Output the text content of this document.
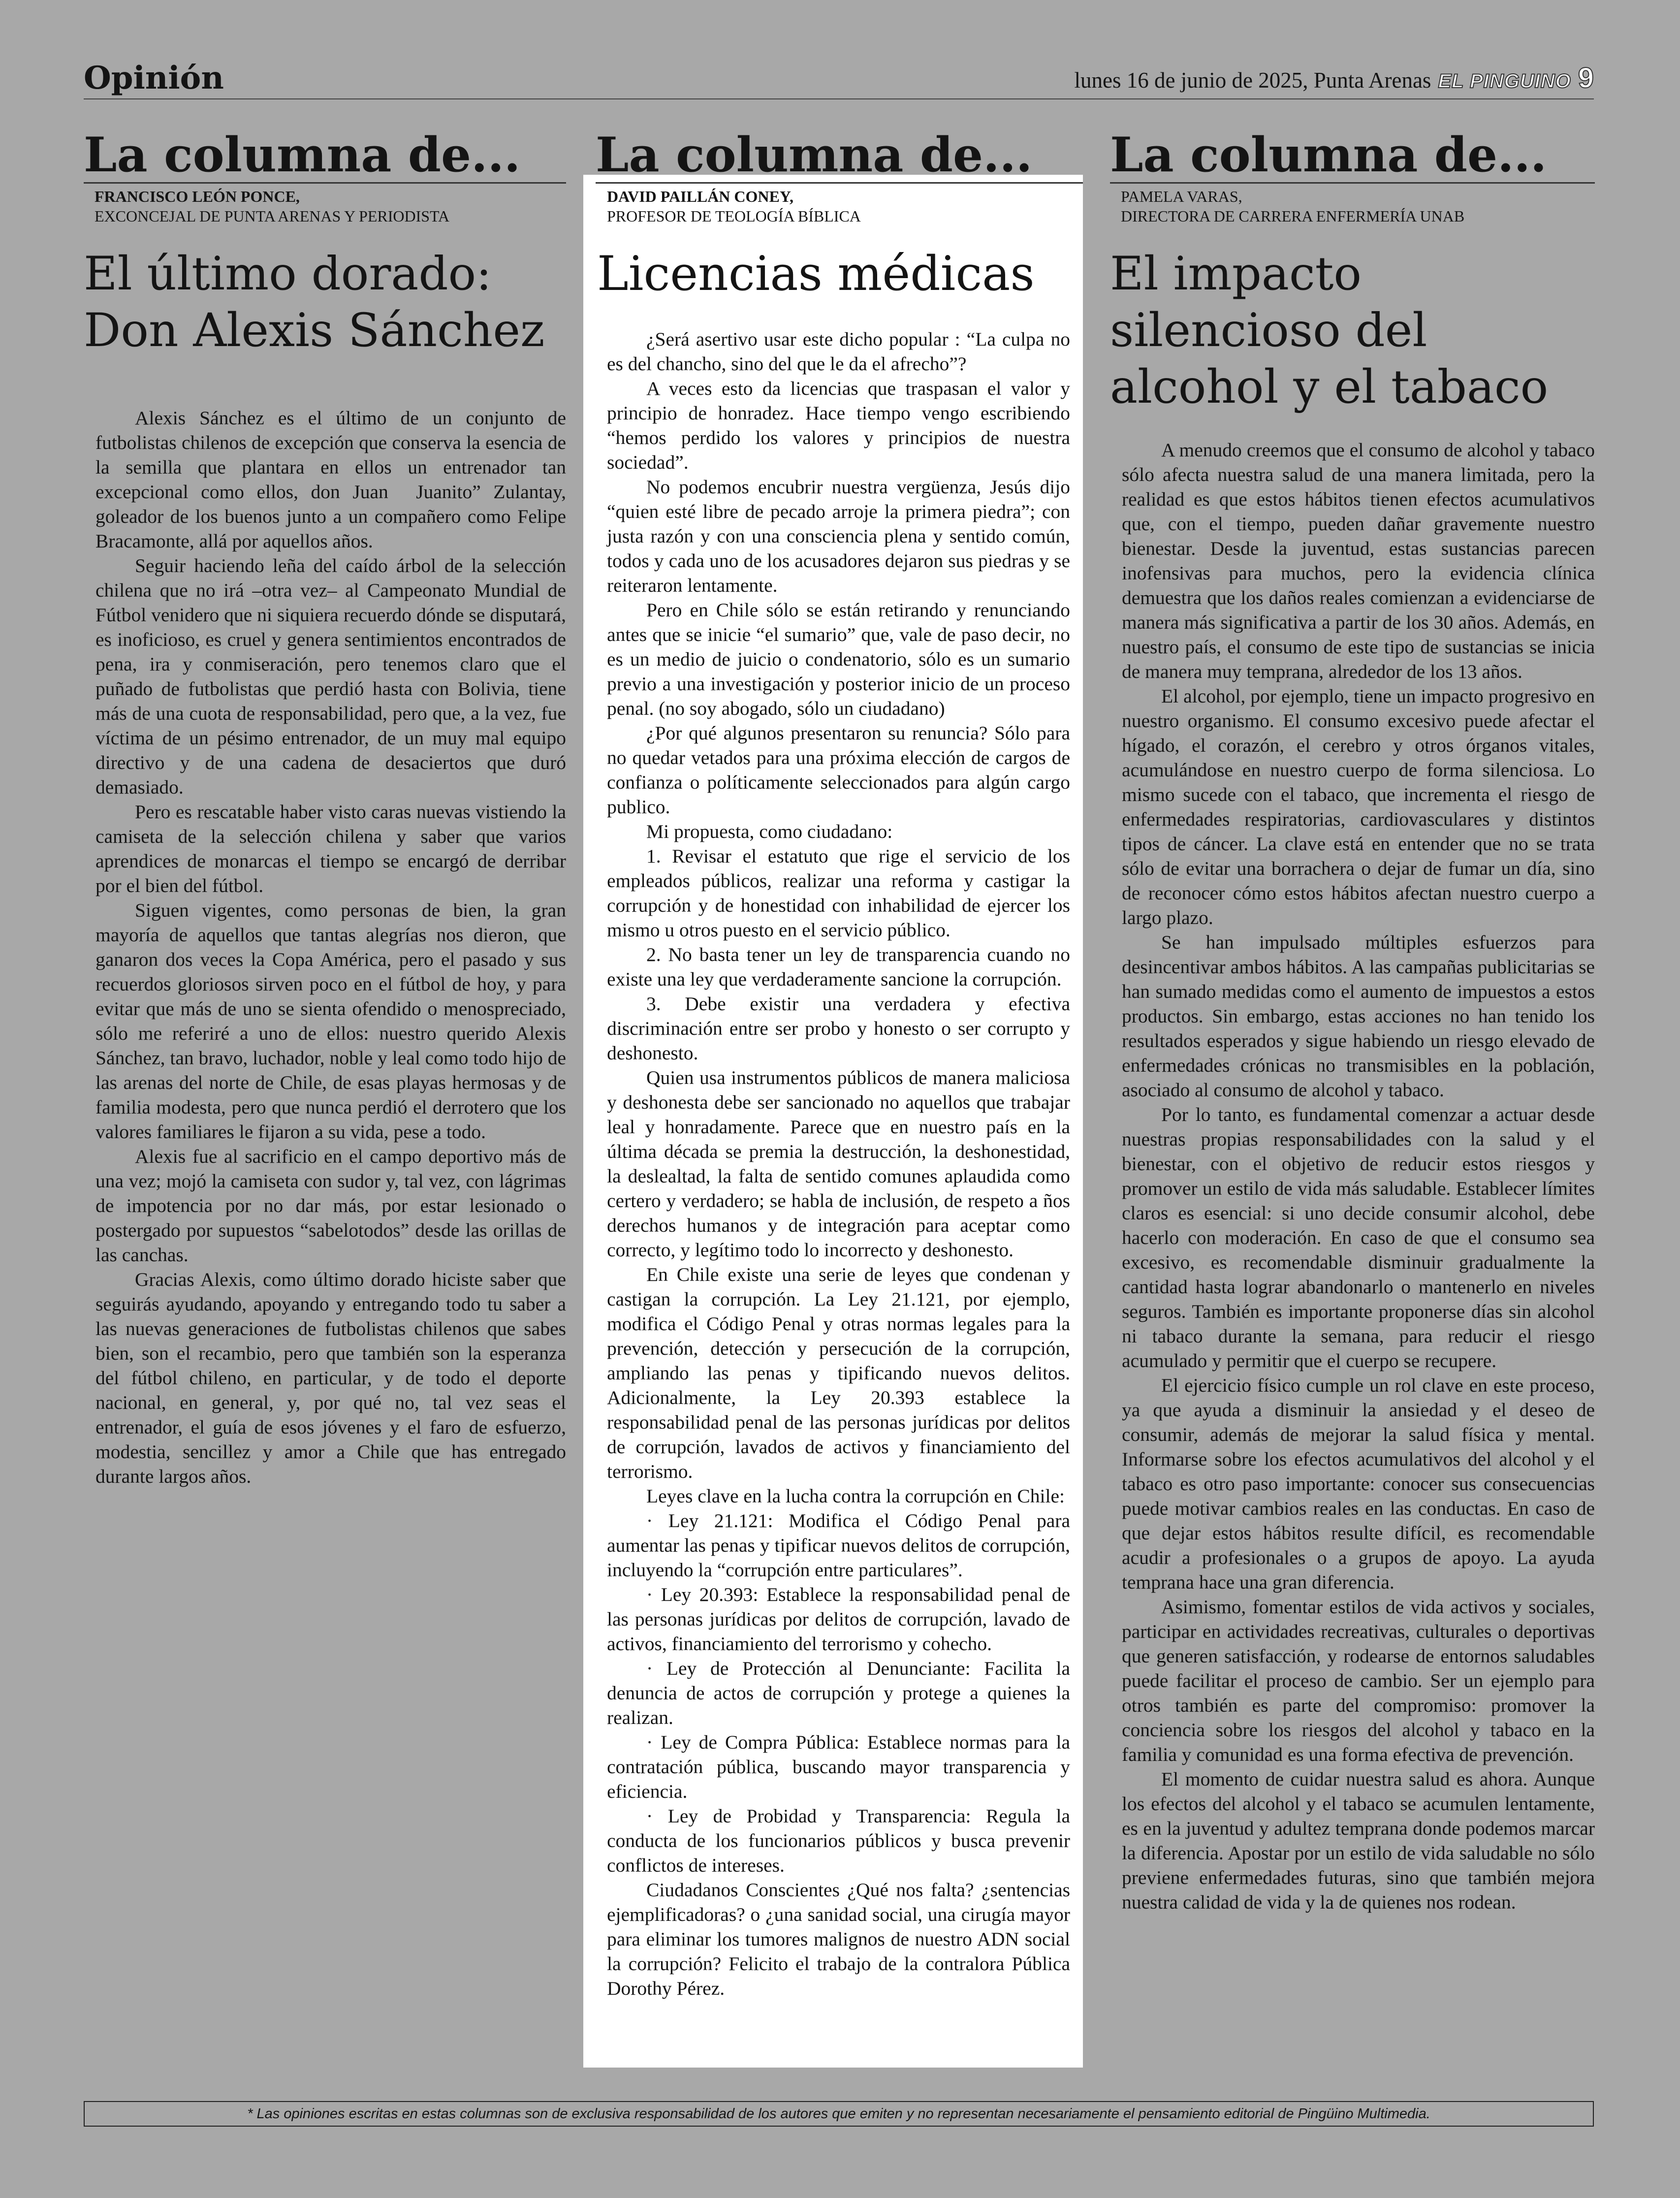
Opinión	lunes 16 de junio de 2025, Punta Arenas EL PINGUINO 9
La columna de...
FRANCISCO LEÓN PONCE,
EXCONCEJAL DE PUNTA ARENAS Y PERIODISTA
El último dorado:
Don Alexis Sánchez

Alexis Sánchez es el último de un conjunto de futbolistas chilenos de excepción que conserva la esencia de la semilla que plantara en ellos un entrenador tan excepcional como ellos, don Juan  Juanito” Zulantay, goleador de los buenos junto a un compañero como Felipe Bracamonte, allá por aquellos años.

Seguir haciendo leña del caído árbol de la selección chilena que no irá –otra vez– al Campeonato Mundial de Fútbol venidero que ni siquiera recuerdo dónde se disputará, es inoficioso, es cruel y genera sentimientos encontrados de pena, ira y conmiseración, pero tenemos claro que el puñado de futbolistas que perdió hasta con Bolivia, tiene más de una cuota de responsabilidad, pero que, a la vez, fue víctima de un pésimo entrenador, de un muy mal equipo directivo y de una cadena de desaciertos que duró demasiado.

Pero es rescatable haber visto caras nuevas vistiendo la camiseta de la selección chilena y saber que varios aprendices de monarcas el tiempo se encargó de derribar por el bien del fútbol.

Siguen vigentes, como personas de bien, la gran mayoría de aquellos que tantas alegrías nos dieron, que ganaron dos veces la Copa América, pero el pasado y sus recuerdos gloriosos sirven poco en el fútbol de hoy, y para evitar que más de uno se sienta ofendido o menospreciado, sólo me referiré a uno de ellos: nuestro querido Alexis Sánchez, tan bravo, luchador, noble y leal como todo hijo de las arenas del norte de Chile, de esas playas hermosas y de familia modesta, pero que nunca perdió el derrotero que los valores familiares le fijaron a su vida, pese a todo.

Alexis fue al sacrificio en el campo deportivo más de una vez; mojó la camiseta con sudor y, tal vez, con lágrimas de impotencia por no dar más, por estar lesionado o postergado por supuestos “sabelotodos” desde las orillas de las canchas.

Gracias Alexis, como último dorado hiciste saber que seguirás ayudando, apoyando y entregando todo tu saber a las nuevas generaciones de futbolistas chilenos que sabes bien, son el recambio, pero que también son la esperanza del fútbol chileno, en particular, y de todo el deporte nacional, en general, y, por qué no, tal vez seas el entrenador, el guía de esos jóvenes y el faro de esfuerzo, modestia, sencillez y amor a Chile que has entregado durante largos años.

La columna de...
DAVID PAILLÁN CONEY,
PROFESOR DE TEOLOGÍA BÍBLICA
Licencias médicas

¿Será asertivo usar este dicho popular : “La culpa no es del chancho, sino del que le da el afrecho”?

A veces esto da licencias que traspasan el valor y principio de honradez. Hace tiempo vengo escribiendo “hemos perdido los valores y principios de nuestra sociedad”.

No podemos encubrir nuestra vergüenza, Jesús dijo “quien esté libre de pecado arroje la primera piedra”; con justa razón y con una consciencia plena y sentido común, todos y cada uno de los acusadores dejaron sus piedras y se reiteraron lentamente.

Pero en Chile sólo se están retirando y renunciando antes que se inicie “el sumario” que, vale de paso decir, no es un medio de juicio o condenatorio, sólo es un sumario previo a una investigación y posterior inicio de un proceso penal. (no soy abogado, sólo un ciudadano)

¿Por qué algunos presentaron su renuncia? Sólo para no quedar vetados para una próxima elección de cargos de confianza o políticamente seleccionados para algún cargo publico.

Mi propuesta, como ciudadano:

1. Revisar el estatuto que rige el servicio de los empleados públicos, realizar una reforma y castigar la corrupción y de honestidad con inhabilidad de ejercer los mismo u otros puesto en el servicio público.

2. No basta tener un ley de transparencia cuando no existe una ley que verdaderamente sancione la corrupción.

3. Debe existir una verdadera y efectiva discriminación entre ser probo y honesto o ser corrupto y deshonesto.

Quien usa instrumentos públicos de manera maliciosa y deshonesta debe ser sancionado no aquellos que trabajar leal y honradamente. Parece que en nuestro país en la última década se premia la destrucción, la deshonestidad, la deslealtad, la falta de sentido comunes aplaudida como certero y verdadero; se habla de inclusión, de respeto a ños derechos humanos y de integración para aceptar como correcto, y legítimo todo lo incorrecto y deshonesto.

En Chile existe una serie de leyes que condenan y castigan la corrupción. La Ley 21.121, por ejemplo, modifica el Código Penal y otras normas legales para la prevención, detección y persecución de la corrupción, ampliando las penas y tipificando nuevos delitos. Adicionalmente, la Ley 20.393 establece la responsabilidad penal de las personas jurídicas por delitos de corrupción, lavados de activos y financiamiento del terrorismo.

Leyes clave en la lucha contra la corrupción en Chile:

· Ley 21.121: Modifica el Código Penal para aumentar las penas y tipificar nuevos delitos de corrupción, incluyendo la “corrupción entre particulares”.

· Ley 20.393: Establece la responsabilidad penal de las personas jurídicas por delitos de corrupción, lavado de activos, financiamiento del terrorismo y cohecho.

· Ley de Protección al Denunciante: Facilita la denuncia de actos de corrupción y protege a quienes la realizan.

· Ley de Compra Pública: Establece normas para la contratación pública, buscando mayor transparencia y eficiencia.

· Ley de Probidad y Transparencia: Regula la conducta de los funcionarios públicos y busca prevenir conflictos de intereses.

Ciudadanos Conscientes ¿Qué nos falta? ¿sentencias ejemplificadoras? o ¿una sanidad social, una cirugía mayor para eliminar los tumores malignos de nuestro ADN social la corrupción? Felicito el trabajo de la contralora Pública Dorothy Pérez.

La columna de...
PAMELA VARAS,
DIRECTORA DE CARRERA ENFERMERÍA UNAB
El impacto
silencioso del
alcohol y el tabaco

A menudo creemos que el consumo de alcohol y tabaco sólo afecta nuestra salud de una manera limitada, pero la realidad es que estos hábitos tienen efectos acumulativos que, con el tiempo, pueden dañar gravemente nuestro bienestar. Desde la juventud, estas sustancias parecen inofensivas para muchos, pero la evidencia clínica demuestra que los daños reales comienzan a evidenciarse de manera más significativa a partir de los 30 años. Además, en nuestro país, el consumo de este tipo de sustancias se inicia de manera muy temprana, alrededor de los 13 años.

El alcohol, por ejemplo, tiene un impacto progresivo en nuestro organismo. El consumo excesivo puede afectar el hígado, el corazón, el cerebro y otros órganos vitales, acumulándose en nuestro cuerpo de forma silenciosa. Lo mismo sucede con el tabaco, que incrementa el riesgo de enfermedades respiratorias, cardiovasculares y distintos tipos de cáncer. La clave está en entender que no se trata sólo de evitar una borrachera o dejar de fumar un día, sino de reconocer cómo estos hábitos afectan nuestro cuerpo a largo plazo.

Se han impulsado múltiples esfuerzos para desincentivar ambos hábitos. A las campañas publicitarias se han sumado medidas como el aumento de impuestos a estos productos. Sin embargo, estas acciones no han tenido los resultados esperados y sigue habiendo un riesgo elevado de enfermedades crónicas no transmisibles en la población, asociado al consumo de alcohol y tabaco.

Por lo tanto, es fundamental comenzar a actuar desde nuestras propias responsabilidades con la salud y el bienestar, con el objetivo de reducir estos riesgos y promover un estilo de vida más saludable. Establecer límites claros es esencial: si uno decide consumir alcohol, debe hacerlo con moderación. En caso de que el consumo sea excesivo, es recomendable disminuir gradualmente la cantidad hasta lograr abandonarlo o mantenerlo en niveles seguros. También es importante proponerse días sin alcohol ni tabaco durante la semana, para reducir el riesgo acumulado y permitir que el cuerpo se recupere.

El ejercicio físico cumple un rol clave en este proceso, ya que ayuda a disminuir la ansiedad y el deseo de consumir, además de mejorar la salud física y mental. Informarse sobre los efectos acumulativos del alcohol y el tabaco es otro paso importante: conocer sus consecuencias puede motivar cambios reales en las conductas. En caso de que dejar estos hábitos resulte difícil, es recomendable acudir a profesionales o a grupos de apoyo. La ayuda temprana hace una gran diferencia.

Asimismo, fomentar estilos de vida activos y sociales, participar en actividades recreativas, culturales o deportivas que generen satisfacción, y rodearse de entornos saludables puede facilitar el proceso de cambio. Ser un ejemplo para otros también es parte del compromiso: promover la conciencia sobre los riesgos del alcohol y tabaco en la familia y comunidad es una forma efectiva de prevención.

El momento de cuidar nuestra salud es ahora. Aunque los efectos del alcohol y el tabaco se acumulen lentamente, es en la juventud y adultez temprana donde podemos marcar la diferencia. Apostar por un estilo de vida saludable no sólo previene enfermedades futuras, sino que también mejora nuestra calidad de vida y la de quienes nos rodean.

* Las opiniones escritas en estas columnas son de exclusiva responsabilidad de los autores que emiten y no representan necesariamente el pensamiento editorial de Pingüino Multimedia.
